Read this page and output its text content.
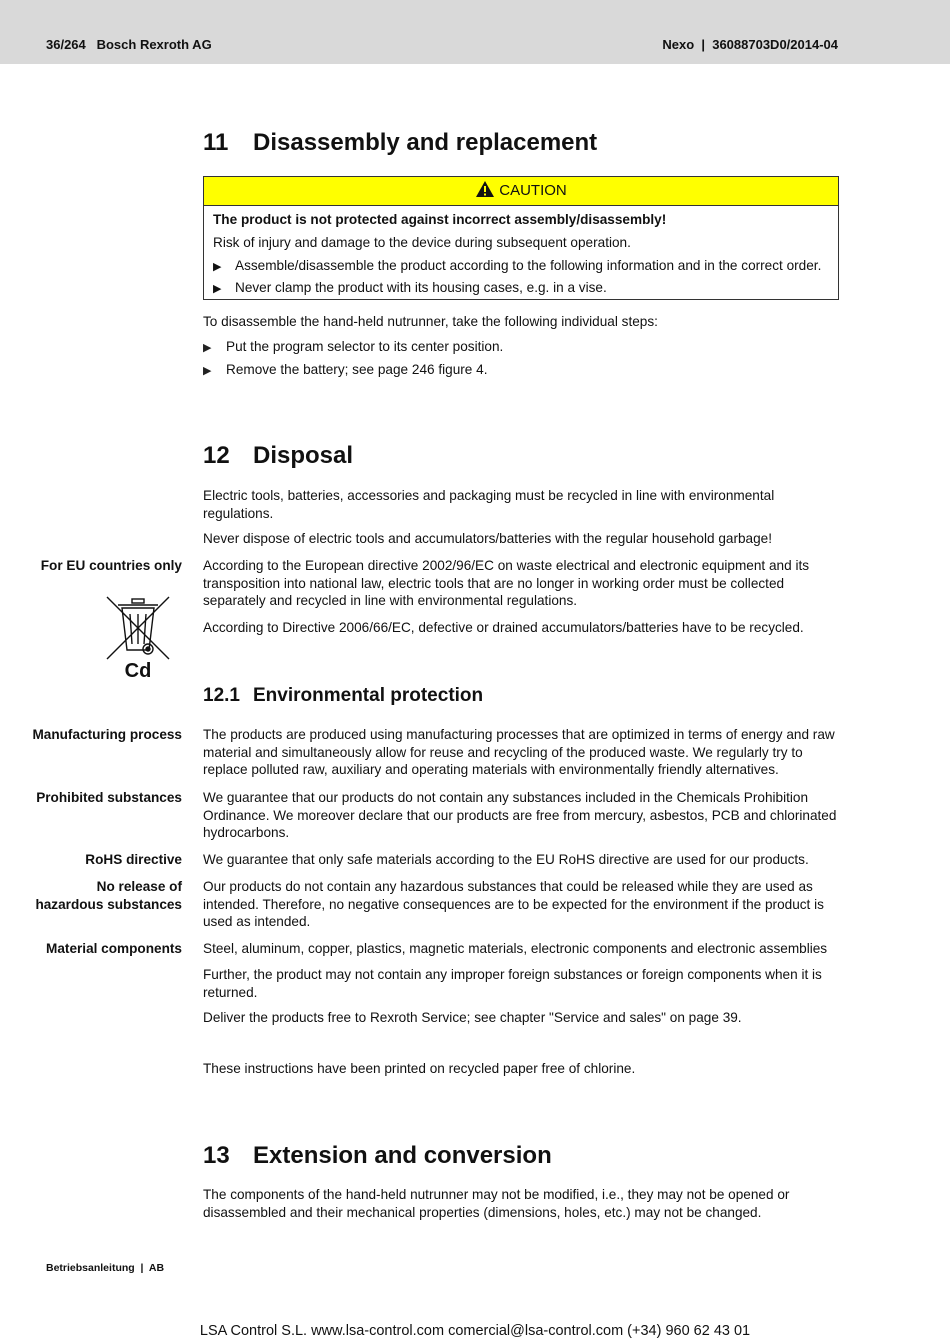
36/264   Bosch Rexroth AG	Nexo  |  36088703D0/2014-04
11 Disassembly and replacement
CAUTION
The product is not protected against incorrect assembly/disassembly!
Risk of injury and damage to the device during subsequent operation.
▶ Assemble/disassemble the product according to the following information and in the correct order.
▶ Never clamp the product with its housing cases, e.g. in a vise.
To disassemble the hand-held nutrunner, take the following individual steps:
▶ Put the program selector to its center position.
▶ Remove the battery; see page 246 figure 4.
12 Disposal
Electric tools, batteries, accessories and packaging must be recycled in line with environmental regulations.
Never dispose of electric tools and accumulators/batteries with the regular household garbage!
For EU countries only According to the European directive 2002/96/EC on waste electrical and electronic equipment and its transposition into national law, electric tools that are no longer in working order must be collected separately and recycled in line with environmental regulations.
According to Directive 2006/66/EC, defective or drained accumulators/batteries have to be recycled.
Cd
12.1 Environmental protection
Manufacturing process The products are produced using manufacturing processes that are optimized in terms of energy and raw material and simultaneously allow for reuse and recycling of the produced waste. We regularly try to replace polluted raw, auxiliary and operating materials with environmentally friendly alternatives.
Prohibited substances We guarantee that our products do not contain any substances included in the Chemicals Prohibition Ordinance. We moreover declare that our products are free from mercury, asbestos, PCB and chlorinated hydrocarbons.
RoHS directive We guarantee that only safe materials according to the EU RoHS directive are used for our products.
No release of hazardous substances
Our products do not contain any hazardous substances that could be released while they are used as intended. Therefore, no negative consequences are to be expected for the environment if the product is used as intended.
Material components Steel, aluminum, copper, plastics, magnetic materials, electronic components and electronic assemblies
Further, the product may not contain any improper foreign substances or foreign components when it is returned.
Deliver the products free to Rexroth Service; see chapter "Service and sales" on page 39.
These instructions have been printed on recycled paper free of chlorine.
13 Extension and conversion
The components of the hand-held nutrunner may not be modified, i.e., they may not be opened or disassembled and their mechanical properties (dimensions, holes, etc.) may not be changed.
Betriebsanleitung  |  AB
LSA Control S.L. www.lsa-control.com comercial@lsa-control.com (+34) 960 62 43 01
